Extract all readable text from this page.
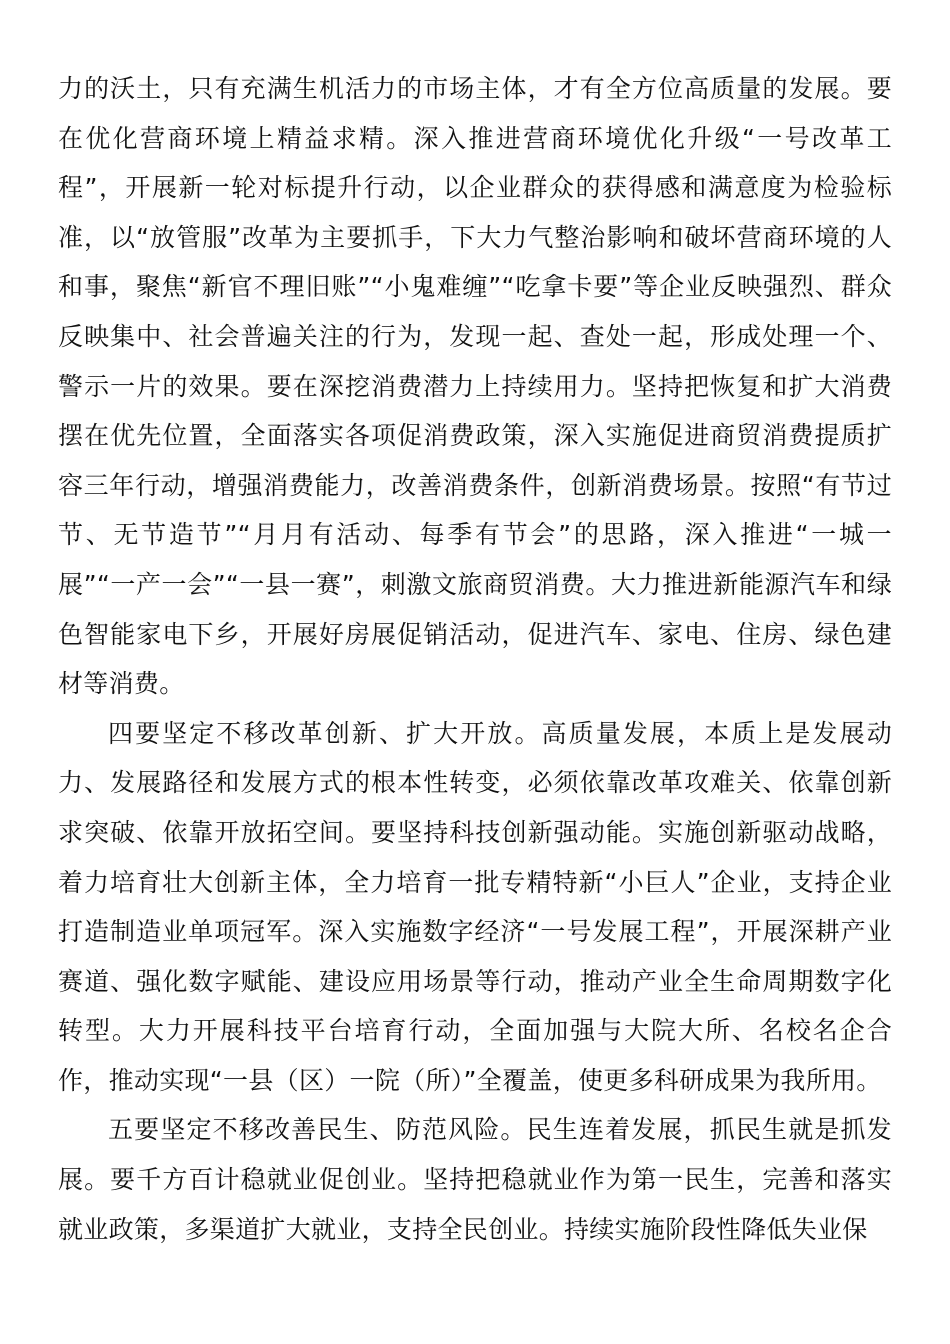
力的沃土，只有充满生机活力的市场主体，才有全方位高质量的发展。要在优化营商环境上精益求精。深入推进营商环境优化升级“一号改革工程”，开展新一轮对标提升行动，以企业群众的获得感和满意度为检验标准，以“放管服”改革为主要抓手，下大力气整治影响和破坏营商环境的人和事，聚焦“新官不理旧账”“小鬼难缠”“吃拿卡要”等企业反映强烈、群众反映集中、社会普遍关注的行为，发现一起、查处一起，形成处理一个、警示一片的效果。要在深挖消费潜力上持续用力。坚持把恢复和扩大消费摆在优先位置，全面落实各项促消费政策，深入实施促进商贸消费提质扩容三年行动，增强消费能力，改善消费条件，创新消费场景。按照“有节过节、无节造节”“月月有活动、每季有节会”的思路，深入推进“一城一展”“一产一会”“一县一赛”，刺激文旅商贸消费。大力推进新能源汽车和绿色智能家电下乡，开展好房展促销活动，促进汽车、家电、住房、绿色建材等消费。

四要坚定不移改革创新、扩大开放。高质量发展，本质上是发展动力、发展路径和发展方式的根本性转变，必须依靠改革攻难关、依靠创新求突破、依靠开放拓空间。要坚持科技创新强动能。实施创新驱动战略，着力培育壮大创新主体，全力培育一批专精特新“小巨人”企业，支持企业打造制造业单项冠军。深入实施数字经济“一号发展工程”，开展深耕产业赛道、强化数字赋能、建设应用场景等行动，推动产业全生命周期数字化转型。大力开展科技平台培育行动，全面加强与大院大所、名校名企合作，推动实现“一县（区）一院（所）”全覆盖，使更多科研成果为我所用。

五要坚定不移改善民生、防范风险。民生连着发展，抓民生就是抓发展。要千方百计稳就业促创业。坚持把稳就业作为第一民生，完善和落实就业政策，多渠道扩大就业，支持全民创业。持续实施阶段性降低失业保
